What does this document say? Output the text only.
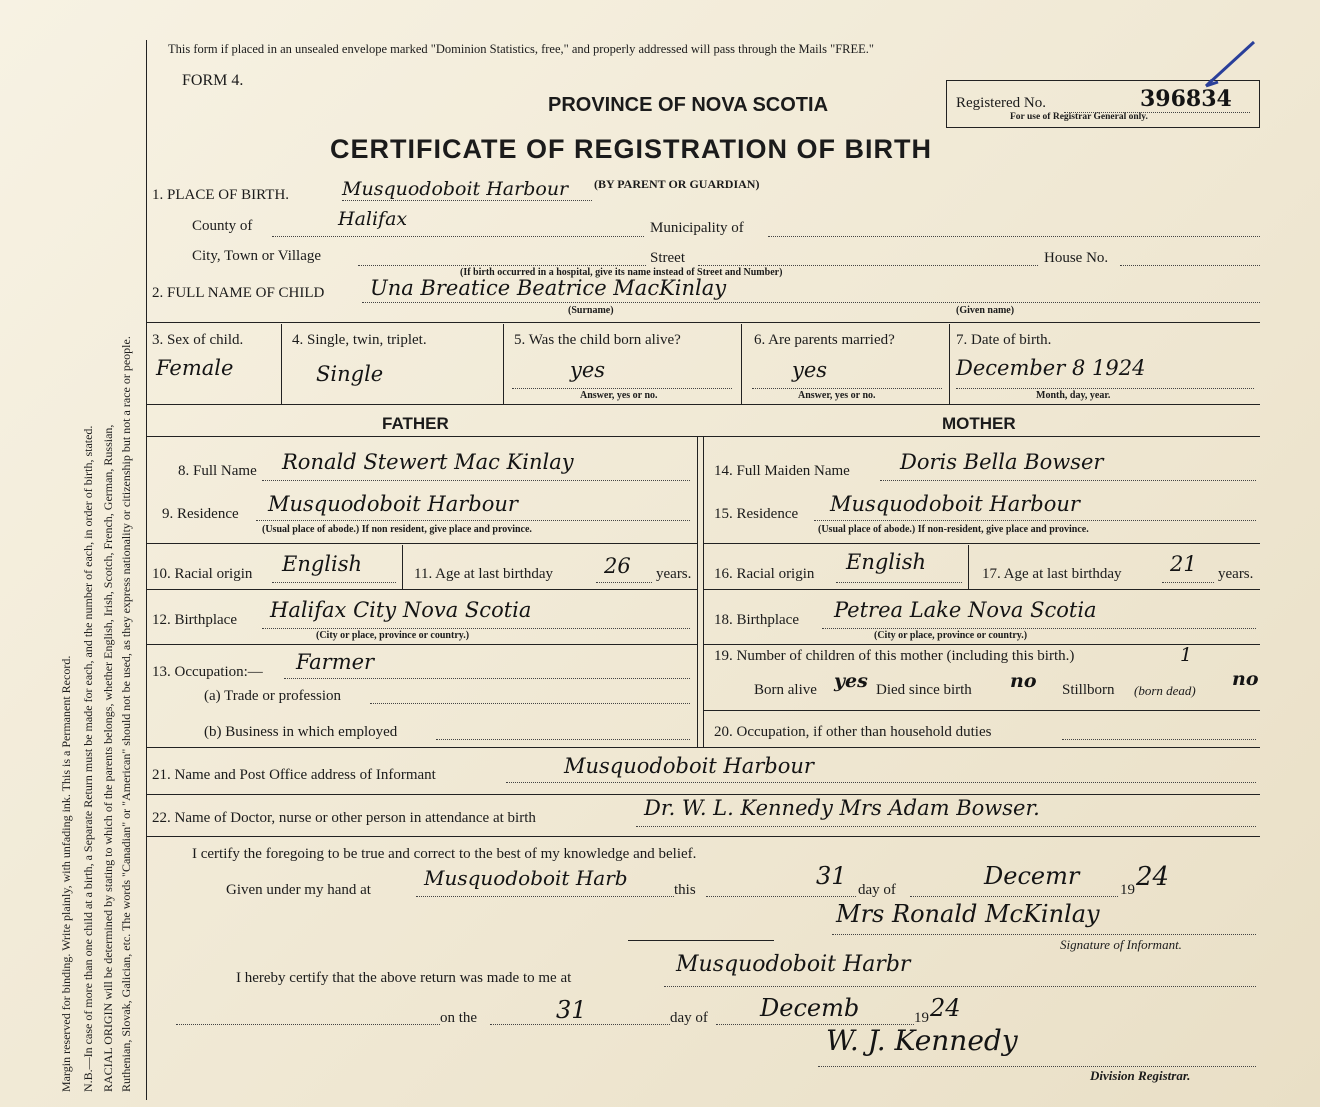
Margin reserved for binding. Write plainly, with unfading ink. This is a Permanent Record. N.B.—In case of more than one child at a birth, a Separate Return must be made for each, and the number of each, in order of birth, stated. RACIAL ORIGIN will be determined by stating to which of the parents belongs, whether English, Irish, Scotch, French, German, Russian, Ruthenian, Slovak, Galician, etc. The words "Canadian" or "American" should not be used, as they express nationality or citizenship but not a race or people.
This form if placed in an unsealed envelope marked "Dominion Statistics, free," and properly addressed will pass through the Mails "FREE."
FORM 4.
PROVINCE OF NOVA SCOTIA	Registered No.	396834
For use of Registrar General only.
CERTIFICATE OF REGISTRATION OF BIRTH
1. PLACE OF BIRTH.	Musquodoboit Harbour (BY PARENT OR GUARDIAN)
County of	Halifax	Municipality of
City, Town or Village	Street	House No.
(If birth occurred in a hospital, give its name instead of Street and Number)
2. FULL NAME OF CHILD Una Breatice Beatrice MacKinlay
(Surname)	(Given name)
3. Sex of child.
Female
4. Single, twin, triplet.
Single
5. Was the child born alive?
yes
Answer, yes or no.
6. Are parents married?
yes
Answer, yes or no.
7. Date of birth.
December 8 1924
Month, day, year.
FATHER	MOTHER
8. Full Name Ronald Stewert Mac Kinlay
9. Residence Musquodoboit Harbour
(Usual place of abode.) If non resident, give place and province.
10. Racial origin English	11. Age at last birthday 26 years.
12. Birthplace Halifax City Nova Scotia
(City or place, province or country.)
13. Occupation:— Farmer
(a) Trade or profession
(b) Business in which employed
14. Full Maiden Name Doris Bella Bowser
15. Residence Musquodoboit Harbour
(Usual place of abode.) If non-resident, give place and province.
16. Racial origin English	17. Age at last birthday 21 years.
18. Birthplace Petrea Lake Nova Scotia
(City or place, province or country.)
19. Number of children of this mother (including this birth.)	1
Born alive yes Died since birth no Stillborn (born dead)
no
20. Occupation, if other than household duties
21. Name and Post Office address of Informant	Musquodoboit Harbour
22. Name of Doctor, nurse or other person in attendance at birth	Dr. W. L. Kennedy Mrs Adam Bowser.
I certify the foregoing to be true and correct to the best of my knowledge and belief.
Given under my hand at	Musquodoboit Harb	this	31 day of	Decemr	19 24
Mrs Ronald McKinlay
Signature of Informant.
I hereby certify that the above return was made to me at
Musquodoboit Harbr
on the	31	day of Decemb	19 24
W. J. Kennedy
Division Registrar.
